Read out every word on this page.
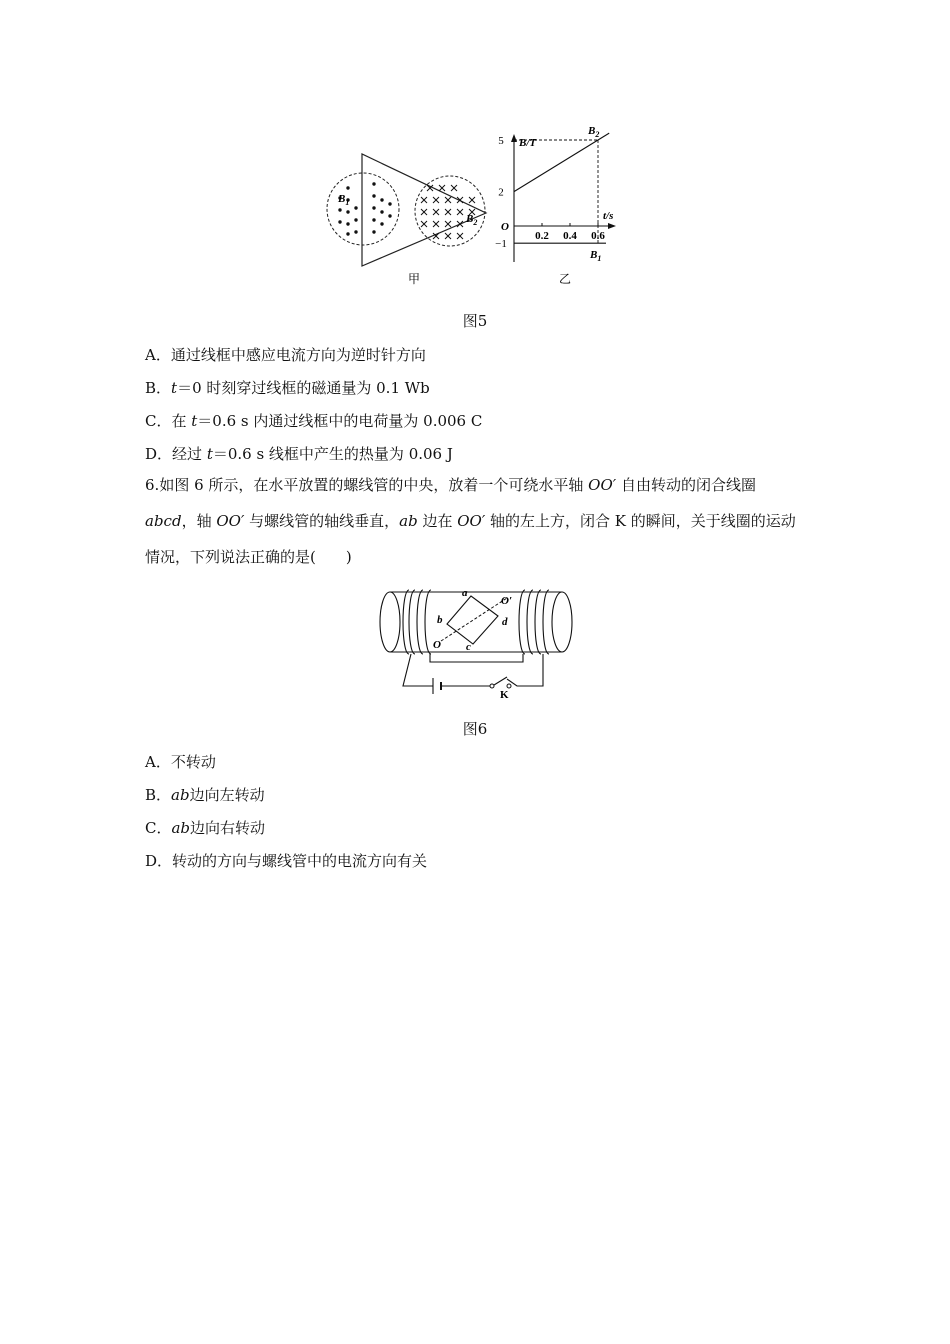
$B_1$
$B_2$
甲
B/T
t/s
O
5
2
−1
0.2 0.4 0.6
$B_2$
$B_1$
乙
图5
A．通过线框中感应电流方向为逆时针方向
B．t＝0 时刻穿过线框的磁通量为 0.1 Wb
C．在 t＝0.6 s 内通过线框中的电荷量为 0.006 C
D．经过 t＝0.6 s 线框中产生的热量为 0.06 J
6.如图 6 所示，在水平放置的螺线管的中央，放着一个可绕水平轴 OO′ 自由转动的闭合线圈 abcd，轴 OO′ 与螺线管的轴线垂直，ab 边在 OO′ 轴的左上方，闭合 K 的瞬间，关于线圈的运动情况，下列说法正确的是(　　)
a
b
c
d
O
O′
K
图6
A．不转动
B．ab边向左转动
C．ab边向右转动
D．转动的方向与螺线管中的电流方向有关
